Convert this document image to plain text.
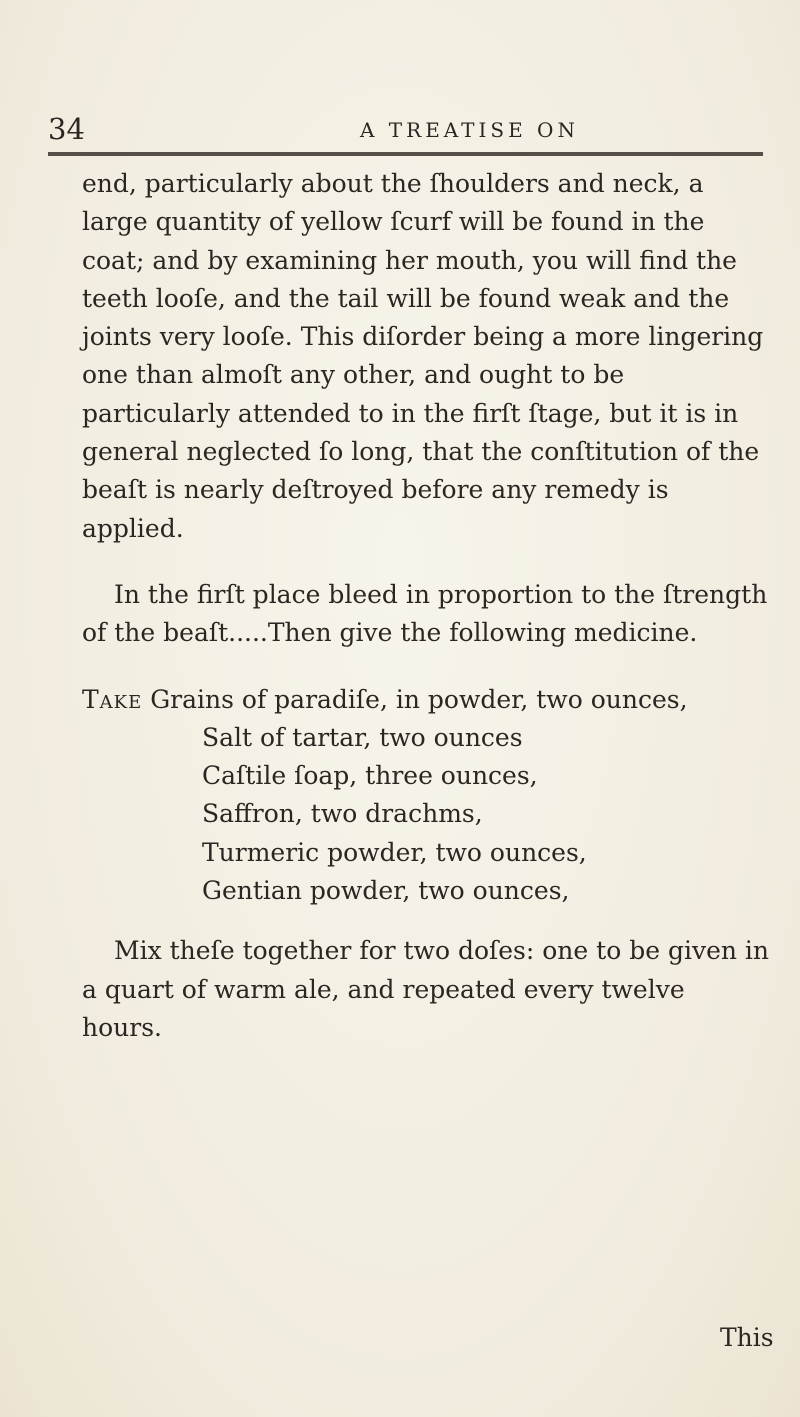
34	A TREATISE ON

end, particularly about the ſhoulders and neck, a large quantity of yellow ſcurf will be found in the coat; and by examining her mouth, you will find the teeth looſe, and the tail will be found weak and the joints very looſe. This diſorder being a more lingering one than almoſt any other, and ought to be particularly attended to in the firſt ſtage, but it is in general neglected ſo long, that the conſtitution of the beaſt is nearly deſtroyed before any remedy is applied.

In the firſt place bleed in proportion to the ſtrength of the beaſt.....Then give the following medicine.

Take Grains of paradiſe, in powder, two ounces,

Salt of tartar, two ounces

Caſtile ſoap, three ounces,

Saffron, two drachms,

Turmeric powder, two ounces,

Gentian powder, two ounces,

Mix theſe together for two doſes: one to be given in a quart of warm ale, and repeated every twelve hours.

This
